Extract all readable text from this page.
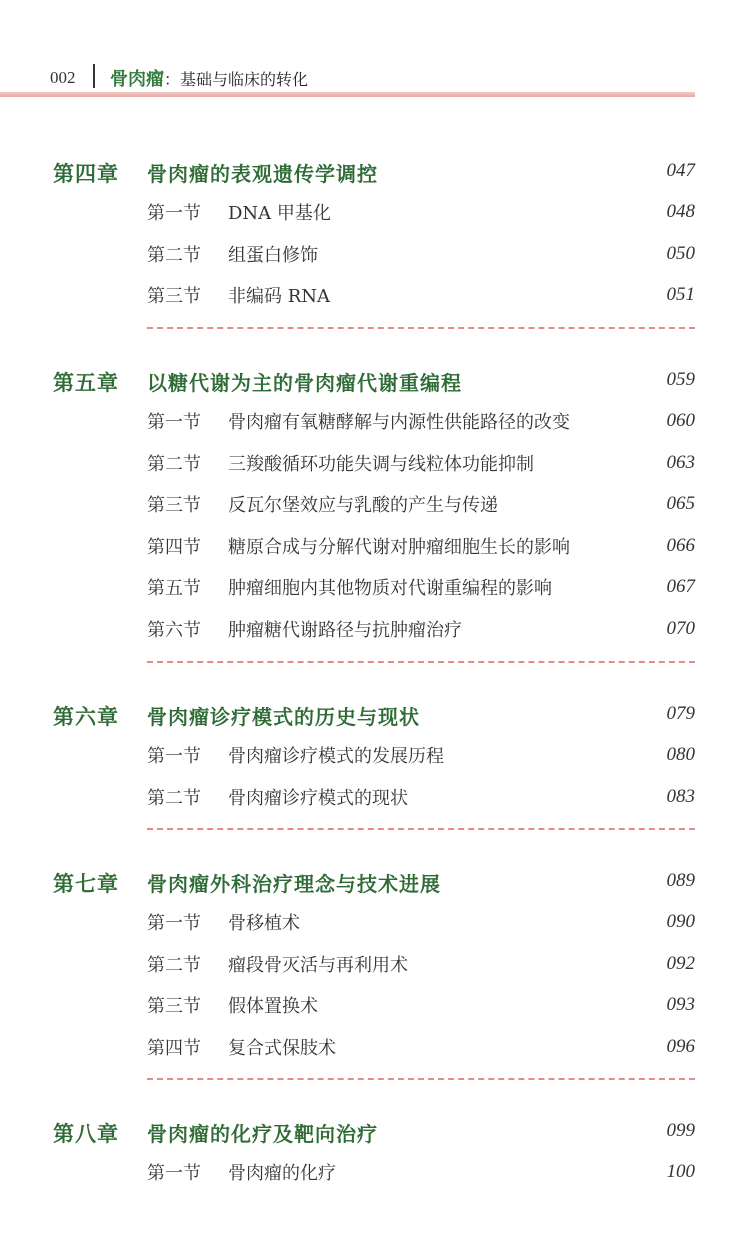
002 骨肉瘤：基础与临床的转化
第四章 骨肉瘤的表观遗传学调控	047
第一节 DNA 甲基化	048
第二节 组蛋白修饰	050
第三节 非编码 RNA	051
第五章 以糖代谢为主的骨肉瘤代谢重编程	059
第一节 骨肉瘤有氧糖酵解与内源性供能路径的改变	060
第二节 三羧酸循环功能失调与线粒体功能抑制	063
第三节 反瓦尔堡效应与乳酸的产生与传递	065
第四节 糖原合成与分解代谢对肿瘤细胞生长的影响	066
第五节 肿瘤细胞内其他物质对代谢重编程的影响	067
第六节 肿瘤糖代谢路径与抗肿瘤治疗	070
第六章 骨肉瘤诊疗模式的历史与现状	079
第一节 骨肉瘤诊疗模式的发展历程	080
第二节 骨肉瘤诊疗模式的现状	083
第七章 骨肉瘤外科治疗理念与技术进展	089
第一节 骨移植术	090
第二节 瘤段骨灭活与再利用术	092
第三节 假体置换术	093
第四节 复合式保肢术	096
第八章 骨肉瘤的化疗及靶向治疗	099
第一节 骨肉瘤的化疗	100
